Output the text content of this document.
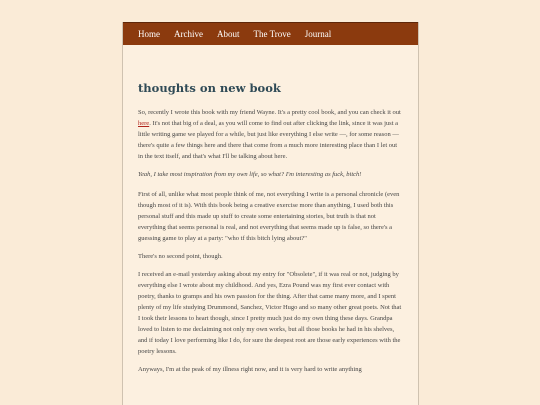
Home Archive About The Trove Journal
thoughts on new book

So, recently I wrote this book with my friend Wayne. It's a pretty cool book, and you can check it out here. It's not that big of a deal, as you will come to find out after clicking the link, since it was just a little writing game we played for a while, but just like everything I else write —, for some reason — there's quite a few things here and there that come from a much more interesting place than I let out in the text itself, and that's what I'll be talking about here.

Yeah, I take most inspiration from my own life, so what? I'm interesting as fuck, bitch!

First of all, unlike what most people think of me, not everything I write is a personal chronicle (even though most of it is). With this book being a creative exercise more than anything, I used both this personal stuff and this made up stuff to create some entertaining stories, but truth is that not everything that seems personal is real, and not everything that seems made up is false, so there's a guessing game to play at a party: "who tf this bitch lying about?"

There's no second point, though.

I received an e-mail yesterday asking about my entry for "Obsolete", if it was real or not, judging by everything else I wrote about my childhood. And yes, Ezra Pound was my first ever contact with poetry, thanks to gramps and his own passion for the thing. After that came many more, and I spent plenty of my life studying Drummond, Sanchez, Victor Hugo and so many other great poets. Not that I took their lessons to heart though, since I pretty much just do my own thing these days. Grandpa loved to listen to me declaiming not only my own works, but all those books he had in his shelves, and if today I love performing like I do, for sure the deepest root are those early experiences with the poetry lessons.

Anyways, I'm at the peak of my illness right now, and it is very hard to write anything
